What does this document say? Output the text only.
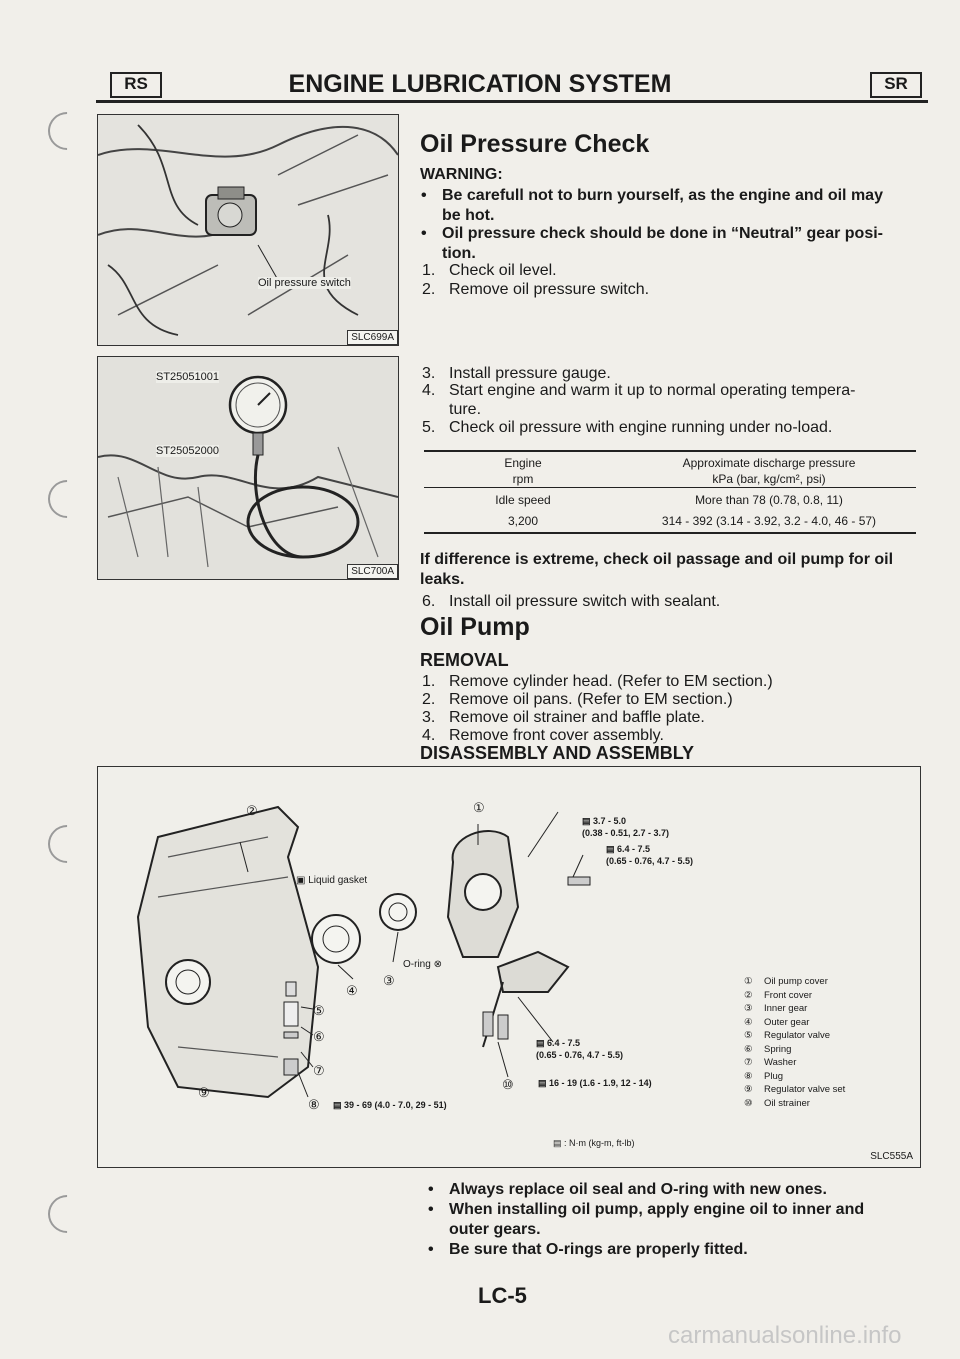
RS	ENGINE LUBRICATION SYSTEM	SR
Oil pressure switch
SLC699A
ST25051001
ST25052000
SLC700A
Oil Pressure Check
WARNING:
• Be carefull not to burn yourself, as the engine and oil may
be hot.
• Oil pressure check should be done in “Neutral” gear posi-
tion.
1. Check oil level.
2. Remove oil pressure switch.
3. Install pressure gauge.
4. Start engine and warm it up to normal operating tempera-
ture.
5. Check oil pressure with engine running under no-load.
Engine	Approximate discharge pressure
rpm	kPa (bar, kg/cm², psi)
Idle speed	More than 78 (0.78, 0.8, 11)
3,200	314 - 392 (3.14 - 3.92, 3.2 - 4.0, 46 - 57)
If difference is extreme, check oil passage and oil pump for oil
leaks.
6. Install oil pressure switch with sealant.
Oil Pump
REMOVAL
1. Remove cylinder head. (Refer to EM section.)
2. Remove oil pans. (Refer to EM section.)
3. Remove oil strainer and baffle plate.
4. Remove front cover assembly.
DISASSEMBLY AND ASSEMBLY
①
②
③
④
⑤
⑥
⑦
⑧
⑨
⑩
▤ 3.7 - 5.0
(0.38 - 0.51, 2.7 - 3.7)
▤ 6.4 - 7.5
(0.65 - 0.76, 4.7 - 5.5)
▤ 6.4 - 7.5
(0.65 - 0.76, 4.7 - 5.5)
▤ 16 - 19 (1.6 - 1.9, 12 - 14)
▤ 39 - 69 (4.0 - 7.0, 29 - 51)
▤ : N·m (kg-m, ft-lb)
▣ Liquid gasket
O-ring ⊗
① Oil pump cover
② Front cover
③ Inner gear
④ Outer gear
⑤ Regulator valve
⑥ Spring
⑦ Washer
⑧ Plug
⑨ Regulator valve set
⑩ Oil strainer
SLC555A
• Always replace oil seal and O-ring with new ones.
• When installing oil pump, apply engine oil to inner and
outer gears.
• Be sure that O-rings are properly fitted.
LC-5
carmanualsonline.info
